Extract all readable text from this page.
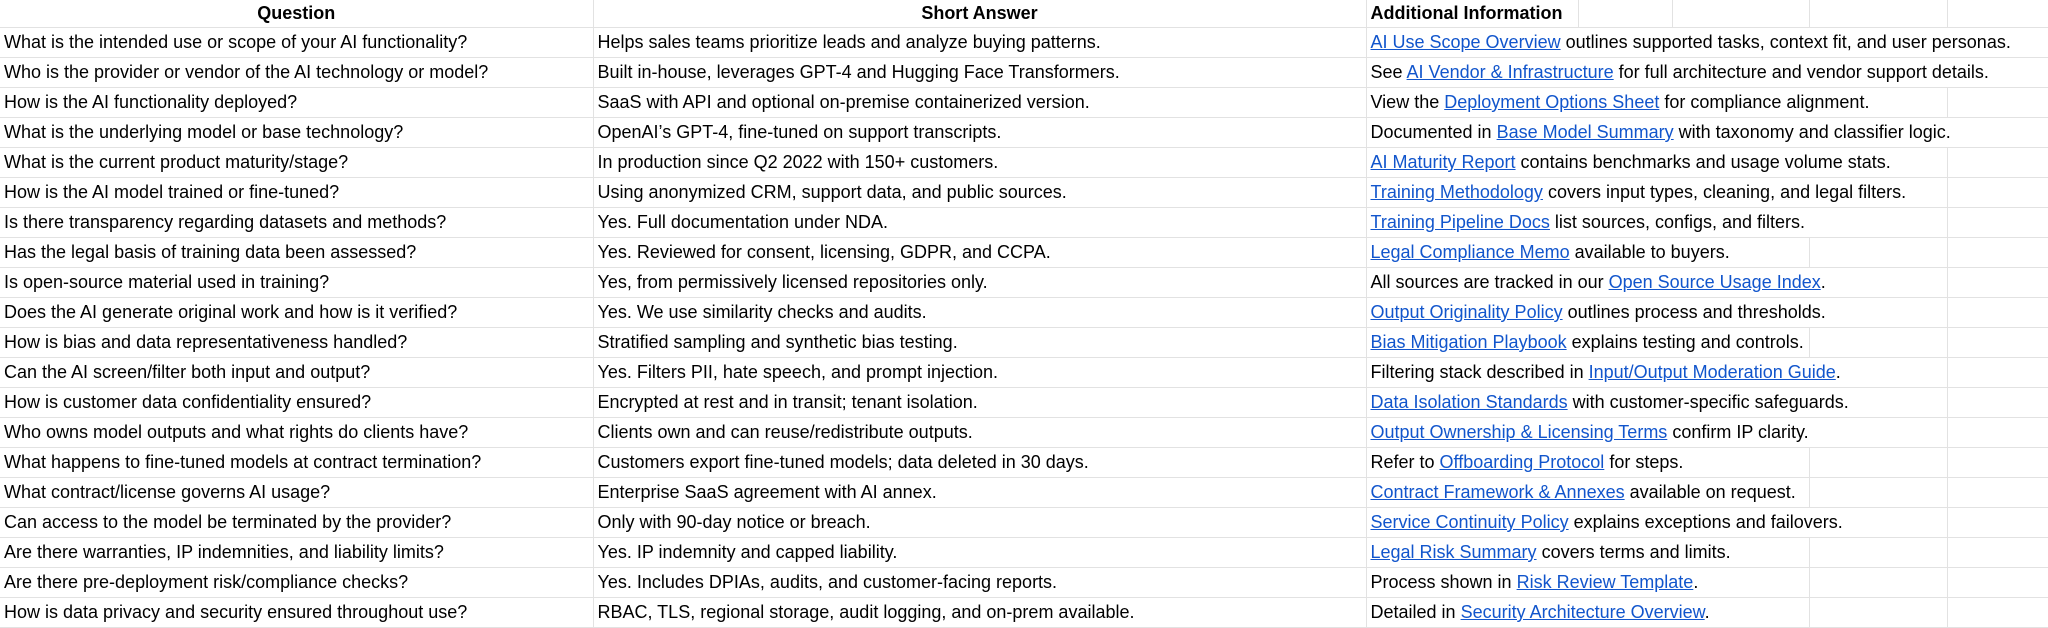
Question	Short Answer	Additional Information				
What is the intended use or scope of your AI functionality?	Helps sales teams prioritize leads and analyze buying patterns.	AI Use Scope Overview outlines supported tasks, context fit, and user personas.

Who is the provider or vendor of the AI technology or model?	Built in-house, leverages GPT-4 and Hugging Face Transformers.	See AI Vendor & Infrastructure for full architecture and vendor support details.

How is the AI functionality deployed?	SaaS with API and optional on-premise containerized version.	View the Deployment Options Sheet for compliance alignment.

What is the underlying model or base technology?	OpenAI’s GPT-4, fine-tuned on support transcripts.	Documented in Base Model Summary with taxonomy and classifier logic.

What is the current product maturity/stage?	In production since Q2 2022 with 150+ customers.	AI Maturity Report contains benchmarks and usage volume stats.

How is the AI model trained or fine-tuned?	Using anonymized CRM, support data, and public sources.	Training Methodology covers input types, cleaning, and legal filters.

Is there transparency regarding datasets and methods?	Yes. Full documentation under NDA.	Training Pipeline Docs list sources, configs, and filters.

Has the legal basis of training data been assessed?	Yes. Reviewed for consent, licensing, GDPR, and CCPA.	Legal Compliance Memo available to buyers.

Is open-source material used in training?	Yes, from permissively licensed repositories only.	All sources are tracked in our Open Source Usage Index.

Does the AI generate original work and how is it verified?	Yes. We use similarity checks and audits.	Output Originality Policy outlines process and thresholds.

How is bias and data representativeness handled?	Stratified sampling and synthetic bias testing.	Bias Mitigation Playbook explains testing and controls.

Can the AI screen/filter both input and output?	Yes. Filters PII, hate speech, and prompt injection.	Filtering stack described in Input/Output Moderation Guide.

How is customer data confidentiality ensured?	Encrypted at rest and in transit; tenant isolation.	Data Isolation Standards with customer-specific safeguards.

Who owns model outputs and what rights do clients have?	Clients own and can reuse/redistribute outputs.	Output Ownership & Licensing Terms confirm IP clarity.

What happens to fine-tuned models at contract termination?	Customers export fine-tuned models; data deleted in 30 days.	Refer to Offboarding Protocol for steps.

What contract/license governs AI usage?	Enterprise SaaS agreement with AI annex.	Contract Framework & Annexes available on request.

Can access to the model be terminated by the provider?	Only with 90-day notice or breach.	Service Continuity Policy explains exceptions and failovers.

Are there warranties, IP indemnities, and liability limits?	Yes. IP indemnity and capped liability.	Legal Risk Summary covers terms and limits.

Are there pre-deployment risk/compliance checks?	Yes. Includes DPIAs, audits, and customer-facing reports.	Process shown in Risk Review Template.

How is data privacy and security ensured throughout use?	RBAC, TLS, regional storage, audit logging, and on-prem available.	Detailed in Security Architecture Overview.
